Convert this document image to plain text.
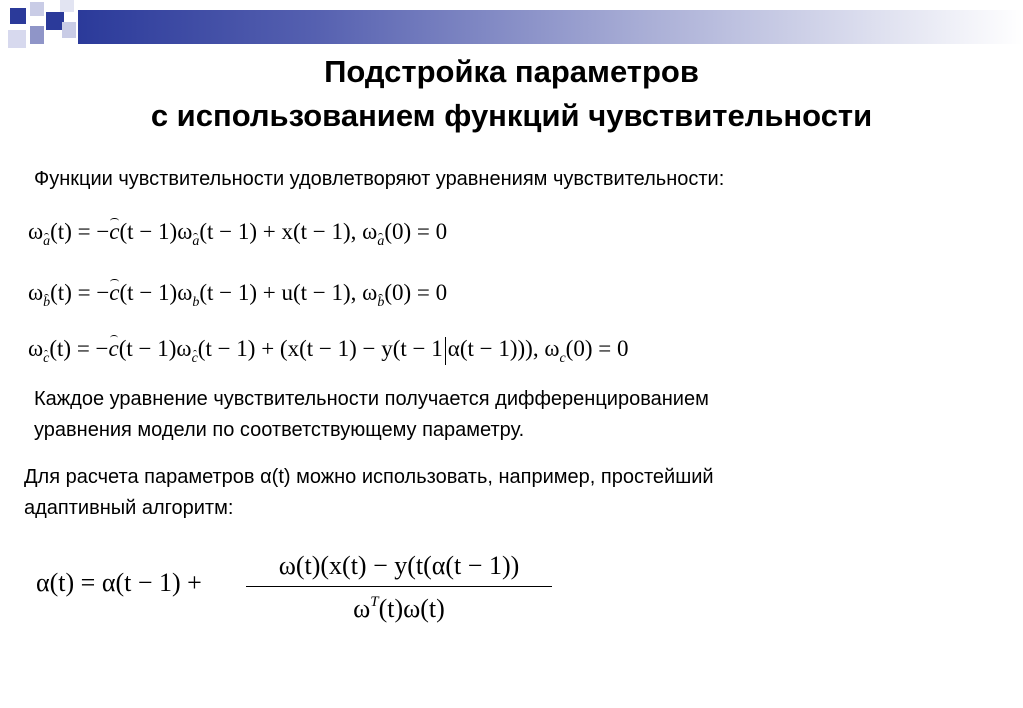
Подстройка параметров
с использованием функций чувствительности
Функции чувствительности удовлетворяют уравнениям чувствительности:
ωa(t) = −c(t − 1)ωa(t − 1) + x(t − 1), ωa(0) = 0
$\omega b(t) = -c(t - 1)\omega_b(t - 1) + u(t - 1)$, ωb(0) = 0
ωc(t) = −c(t − 1)ωc(t − 1) + (x(t − 1) − y(t − 1 α(t − 1))), $\omega_c(0) = 0$
Каждое уравнение чувствительности получается дифференцированием
уравнения модели по соответствующему параметру.
Для расчета параметров α(t) можно использовать, например, простейший
адаптивный алгоритм:
α(t) = α(t − 1) +
ω(t)(x(t) − y(t(α(t − 1))
$\omega^T(t)\omega(t)$
